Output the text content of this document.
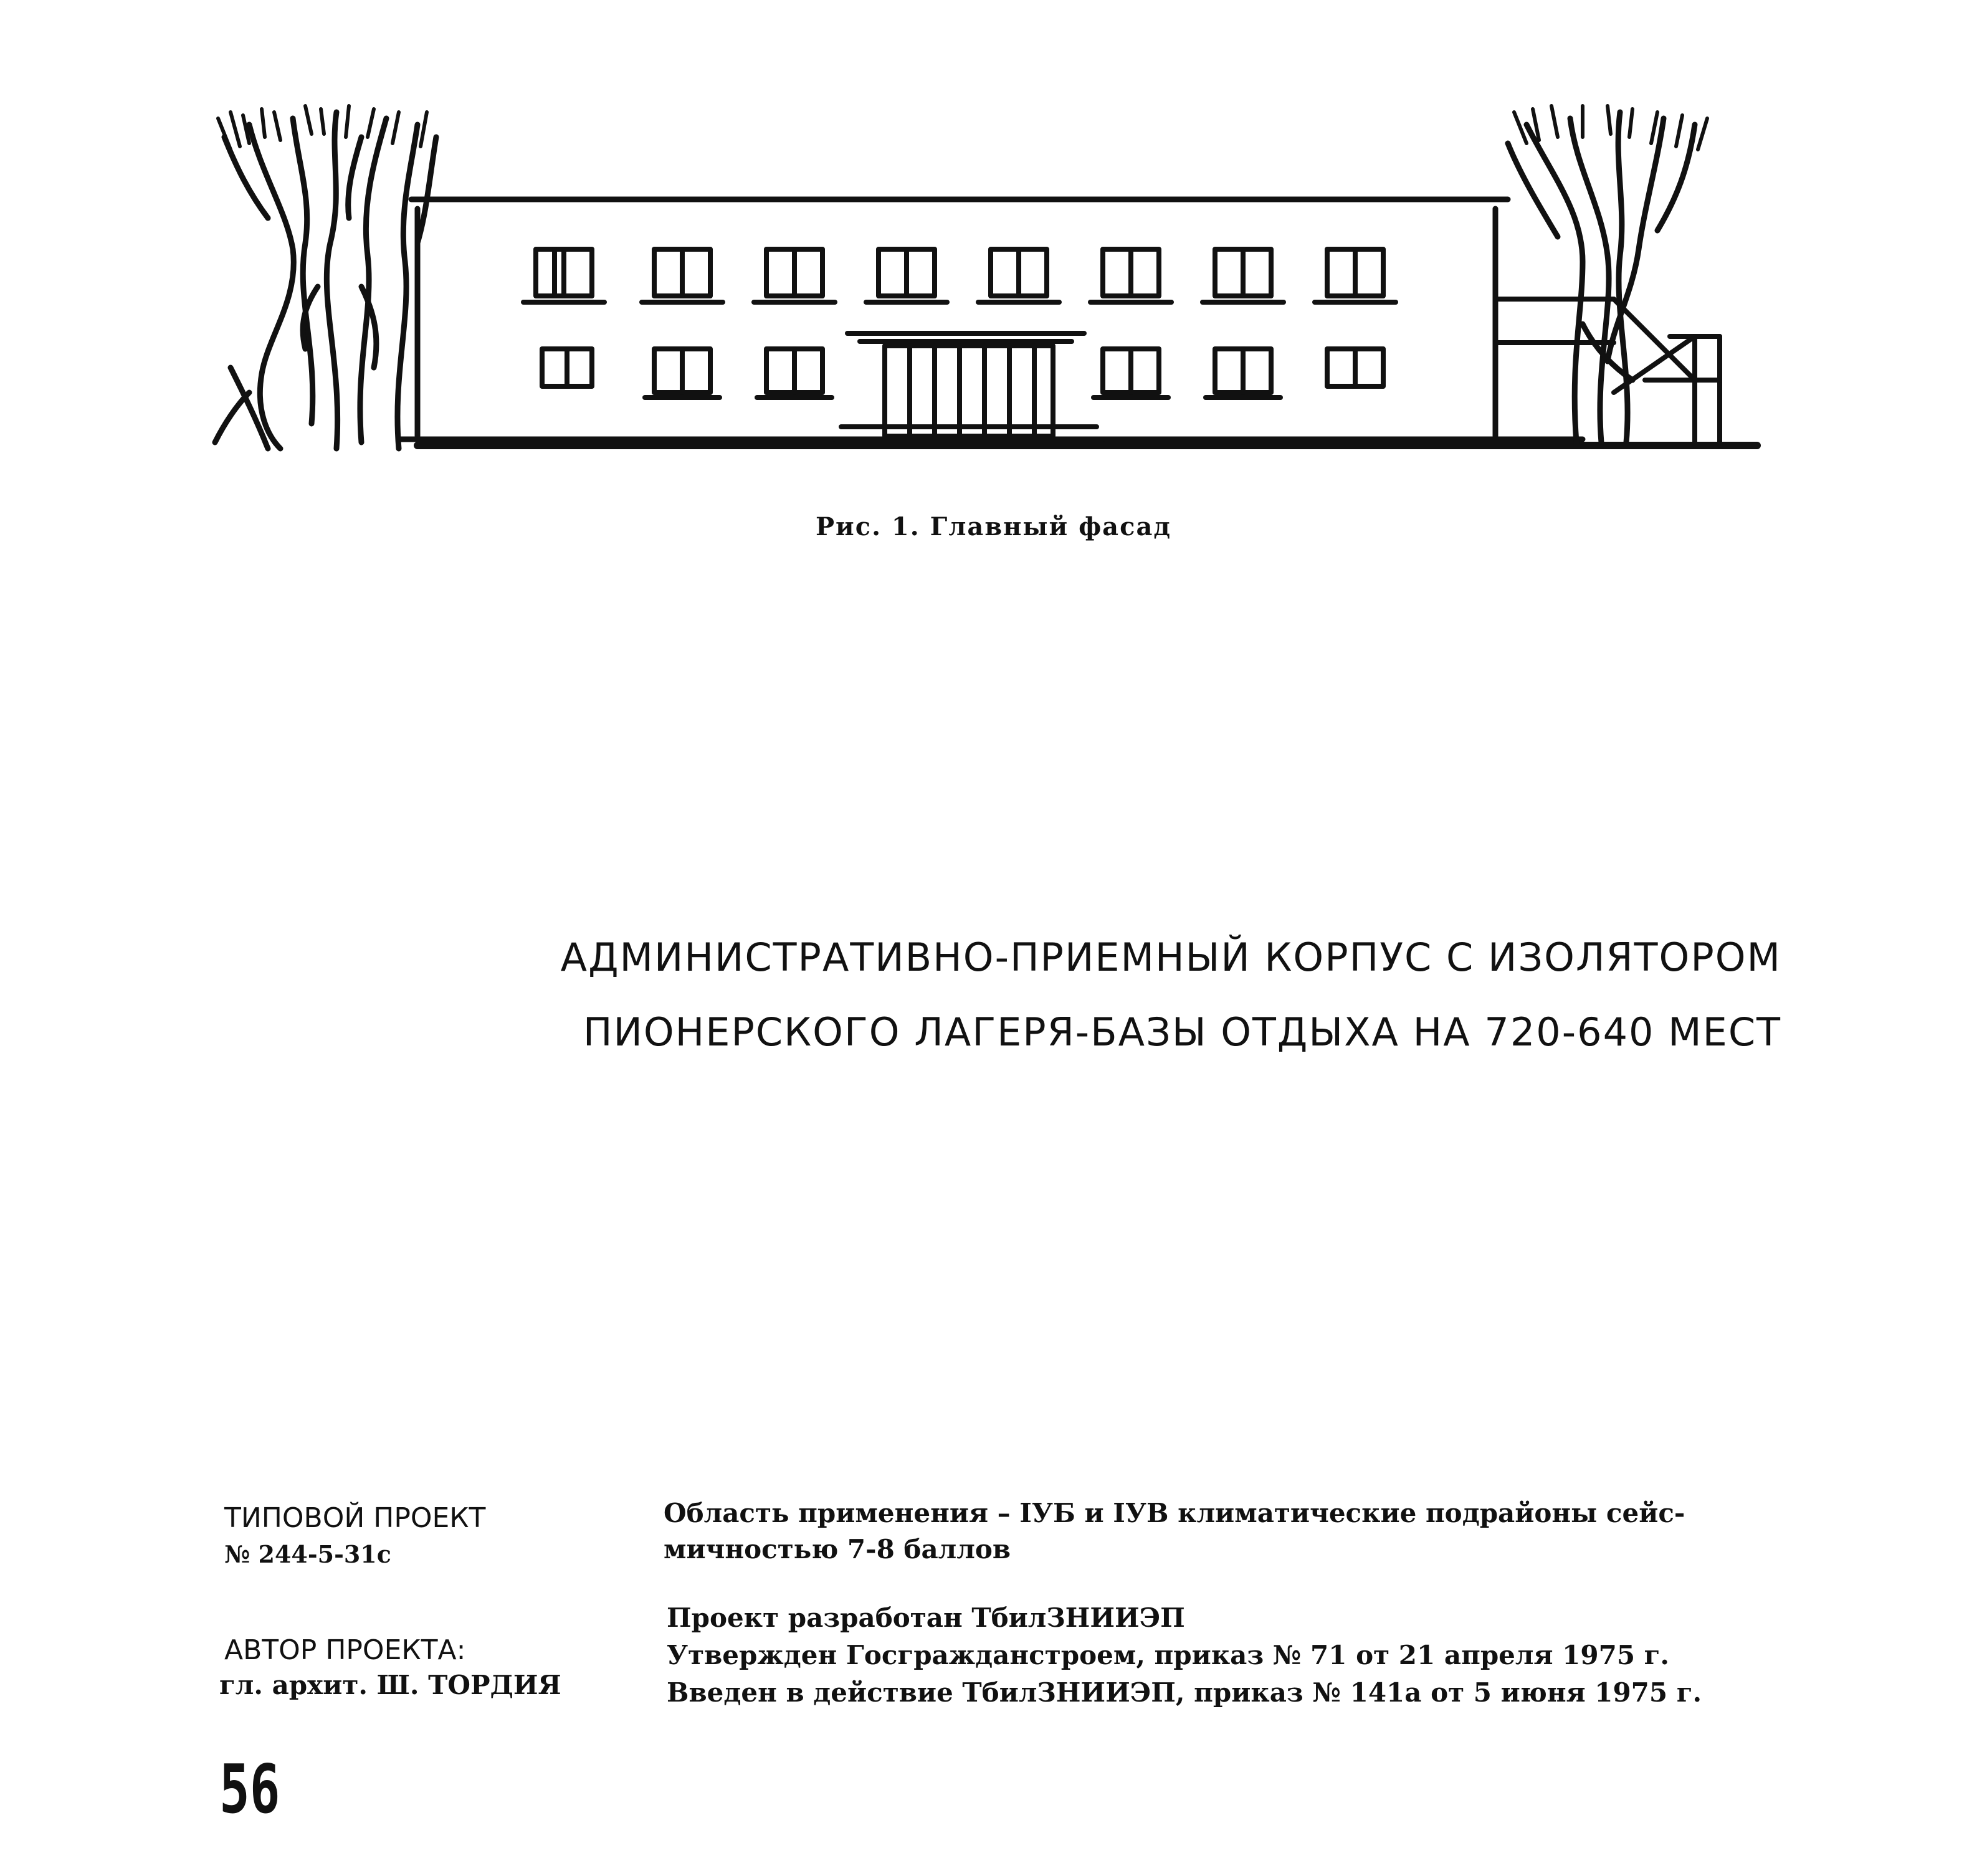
Рис. 1. Главный фасад
АДМИНИСТРАТИВНО-ПРИЕМНЫЙ КОРПУС С ИЗОЛЯТОРОМ
ПИОНЕРСКОГО ЛАГЕРЯ-БАЗЫ ОТДЫХА НА 720-640 МЕСТ
ТИПОВОЙ ПРОЕКТ
№ 244-5-31с
АВТОР ПРОЕКТА:
гл. архит. Ш. ТОРДИЯ
Область применения – IУБ и IУВ климатические подрайоны сейс-
мичностью 7-8 баллов
Проект разработан ТбилЗНИИЭП
Утвержден Госгражданстроем, приказ № 71 от 21 апреля 1975 г.
Введен в действие ТбилЗНИИЭП, приказ № 141а от 5 июня 1975 г.
56
